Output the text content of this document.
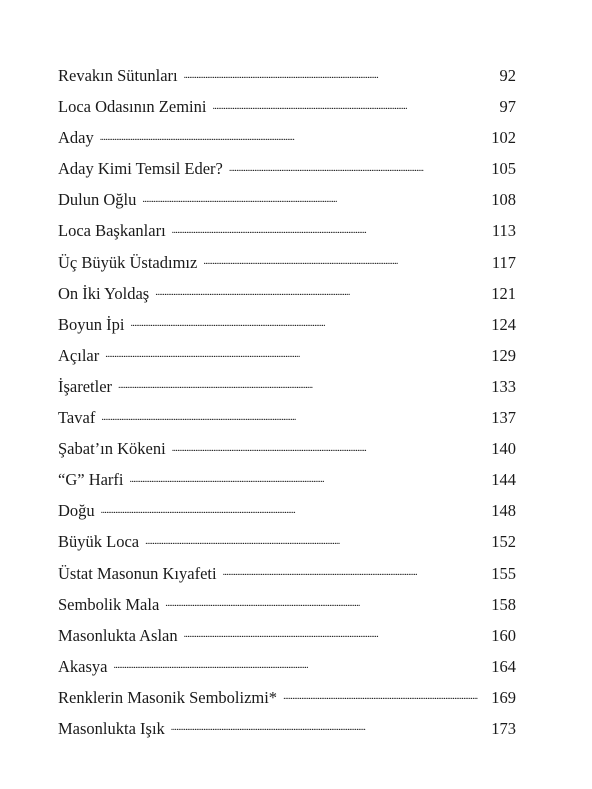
Revakın Sütunları . . .	92
Loca Odasının Zemini . . .	97
Aday . . .	102
Aday Kimi Temsil Eder? . . .	105
Dulun Oğlu . . .	108
Loca Başkanları . . .	113
Üç Büyük Üstadımız . . .	117
On İki Yoldaş . . .	121
Boyun İpi . . .	124
Açılar . . .	129
İşaretler . . .	133
Tavaf . . .	137
Şabat’ın Kökeni . . .	140
“G” Harfi . . .	144
Doğu . . .	148
Büyük Loca . . .	152
Üstat Masonun Kıyafeti . . .	155
Sembolik Mala . . .	158
Masonlukta Aslan . . .	160
Akasya . . .	164
Renklerin Masonik Sembolizmi* . . .	169
Masonlukta Işık . . .	173
